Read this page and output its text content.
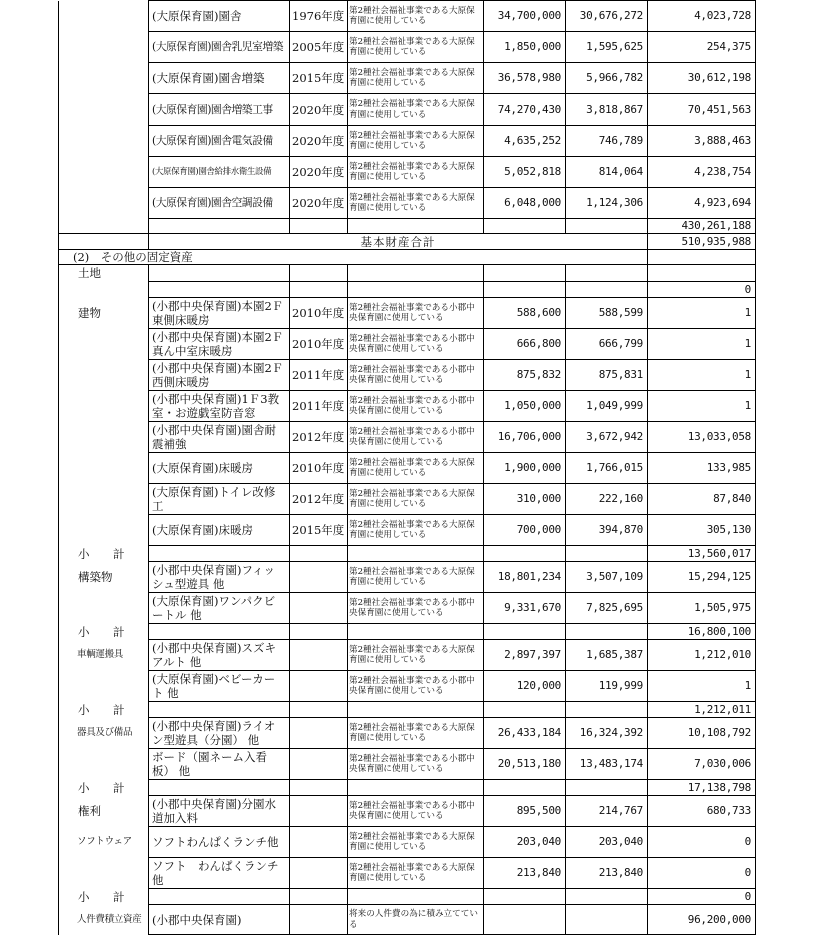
	(大原保育園)園舎	1976年度	第2種社会福祉事業である大原保育園に使用している	34,700,000	30,676,272	4,023,728
	(大原保育園)園舎乳児室増築	2005年度	第2種社会福祉事業である大原保育園に使用している	1,850,000	1,595,625	254,375
	(大原保育園)園舎増築	2015年度	第2種社会福祉事業である大原保育園に使用している	36,578,980	5,966,782	30,612,198
	(大原保育園)園舎増築工事	2020年度	第2種社会福祉事業である大原保育園に使用している	74,270,430	3,818,867	70,451,563
	(大原保育園)園舎電気設備	2020年度	第2種社会福祉事業である大原保育園に使用している	4,635,252	746,789	3,888,463
	(大原保育園)園舎給排水衛生設備	2020年度	第2種社会福祉事業である大原保育園に使用している	5,052,818	814,064	4,238,754
	(大原保育園)園舎空調設備	2020年度	第2種社会福祉事業である大原保育園に使用している	6,048,000	1,124,306	4,923,694
						430,261,188
	基本財産合計					510,935,988
(2)　その他の固定資産						
土地						
						0
建物	(小郡中央保育園)本園2Ｆ東側床暖房	2010年度	第2種社会福祉事業である小郡中央保育園に使用している	588,600	588,599	1
	(小郡中央保育園)本園2Ｆ真ん中室床暖房	2010年度	第2種社会福祉事業である小郡中央保育園に使用している	666,800	666,799	1
	(小郡中央保育園)本園2Ｆ西側床暖房	2011年度	第2種社会福祉事業である小郡中央保育園に使用している	875,832	875,831	1
	(小郡中央保育園)1Ｆ3教室・お遊戯室防音窓	2011年度	第2種社会福祉事業である小郡中央保育園に使用している	1,050,000	1,049,999	1
	(小郡中央保育園)園舎耐震補強	2012年度	第2種社会福祉事業である小郡中央保育園に使用している	16,706,000	3,672,942	13,033,058
	(大原保育園)床暖房	2010年度	第2種社会福祉事業である大原保育園に使用している	1,900,000	1,766,015	133,985
	(大原保育園)トイレ改修工	2012年度	第2種社会福祉事業である大原保育園に使用している	310,000	222,160	87,840
	(大原保育園)床暖房	2015年度	第2種社会福祉事業である大原保育園に使用している	700,000	394,870	305,130
小　計						13,560,017
構築物	(小郡中央保育園)フィッシュ型遊具 他		第2種社会福祉事業である大原保育園に使用している	18,801,234	3,507,109	15,294,125
	(大原保育園)ワンパクビートル 他		第2種社会福祉事業である小郡中央保育園に使用している	9,331,670	7,825,695	1,505,975
小　計						16,800,100
車輌運搬具	(小郡中央保育園)スズキアルト 他		第2種社会福祉事業である大原保育園に使用している	2,897,397	1,685,387	1,212,010
	(大原保育園)ベビーカート 他		第2種社会福祉事業である小郡中央保育園に使用している	120,000	119,999	1
小　計						1,212,011
器具及び備品	(小郡中央保育園)ライオン型遊具（分園） 他		第2種社会福祉事業である大原保育園に使用している	26,433,184	16,324,392	10,108,792
	ボード（園ネーム入看板） 他		第2種社会福祉事業である小郡中央保育園に使用している	20,513,180	13,483,174	7,030,006
小　計						17,138,798
権利	(小郡中央保育園)分園水道加入料		第2種社会福祉事業である小郡中央保育園に使用している	895,500	214,767	680,733
ソフトウェア	ソフトわんぱくランチ他		第2種社会福祉事業である大原保育園に使用している	203,040	203,040	0
	ソフト　わんぱくランチ 他		第2種社会福祉事業である大原保育園に使用している	213,840	213,840	0
小　計						0
人件費積立資産	(小郡中央保育園)		将来の人件費の為に積み立てている			96,200,000
